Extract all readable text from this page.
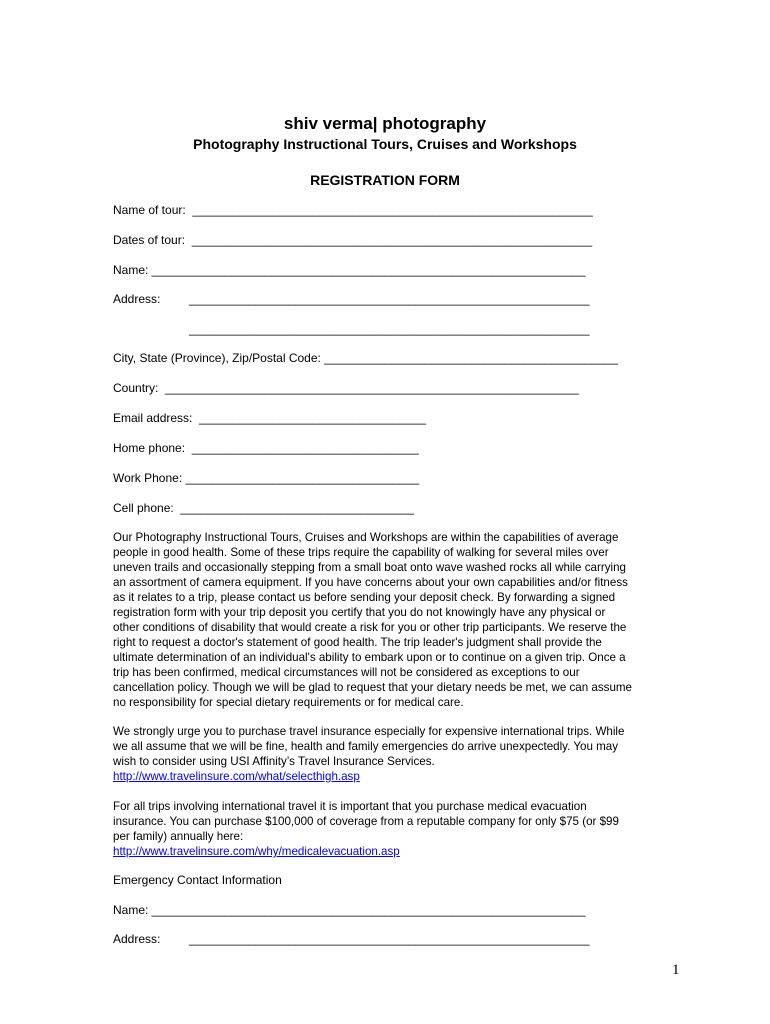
shiv verma| photography

Photography Instructional Tours, Cruises and Workshops

REGISTRATION FORM

Name of tour:  ____________________________________________________________
Dates of tour:  ____________________________________________________________
Name: _________________________________________________________________
Address: ____________________________________________________________
____________________________________________________________
City, State (Province), Zip/Postal Code: ____________________________________________
Country:  ______________________________________________________________
Email address:  __________________________________
Home phone:  __________________________________
Work Phone: ___________________________________
Cell phone:  ___________________________________
Our Photography Instructional Tours, Cruises and Workshops are within the capabilities of average
people in good health. Some of these trips require the capability of walking for several miles over
uneven trails and occasionally stepping from a small boat onto wave washed rocks all while carrying
an assortment of camera equipment. If you have concerns about your own capabilities and/or fitness
as it relates to a trip, please contact us before sending your deposit check. By forwarding a signed
registration form with your trip deposit you certify that you do not knowingly have any physical or
other conditions of disability that would create a risk for you or other trip participants. We reserve the
right to request a doctor's statement of good health. The trip leader's judgment shall provide the
ultimate determination of an individual's ability to embark upon or to continue on a given trip. Once a
trip has been confirmed, medical circumstances will not be considered as exceptions to our
cancellation policy. Though we will be glad to request that your dietary needs be met, we can assume
no responsibility for special dietary requirements or for medical care.
We strongly urge you to purchase travel insurance especially for expensive international trips. While
we all assume that we will be fine, health and family emergencies do arrive unexpectedly. You may
wish to consider using USI Affinity’s Travel Insurance Services.
http://www.travelinsure.com/what/selecthigh.asp
For all trips involving international travel it is important that you purchase medical evacuation
insurance. You can purchase $100,000 of coverage from a reputable company for only $75 (or $99
per family) annually here:
http://www.travelinsure.com/why/medicalevacuation.asp
Emergency Contact Information
Name: _________________________________________________________________
Address: ____________________________________________________________
1
